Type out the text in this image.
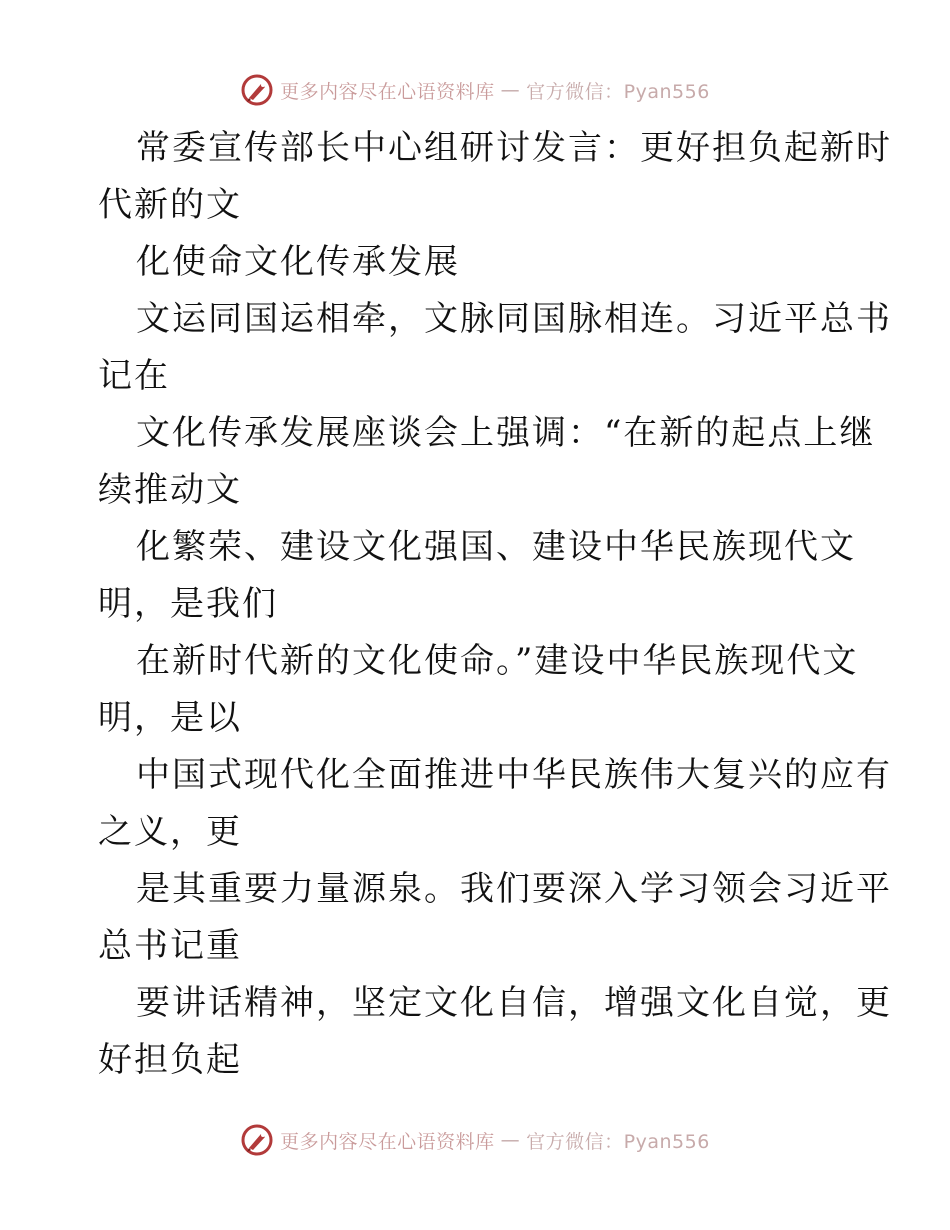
更多内容尽在心语资料库 — 官方微信：Pyan556
常委宣传部长中心组研讨发言：更好担负起新时
代新的文
化使命文化传承发展
文运同国运相牵，文脉同国脉相连。习近平总书
记在
文化传承发展座谈会上强调：“在新的起点上继
续推动文
化繁荣、建设文化强国、建设中华民族现代文
明，是我们
在新时代新的文化使命。”建设中华民族现代文
明，是以
中国式现代化全面推进中华民族伟大复兴的应有
之义，更
是其重要力量源泉。我们要深入学习领会习近平
总书记重
要讲话精神，坚定文化自信，增强文化自觉，更
好担负起
更多内容尽在心语资料库 — 官方微信：Pyan556
